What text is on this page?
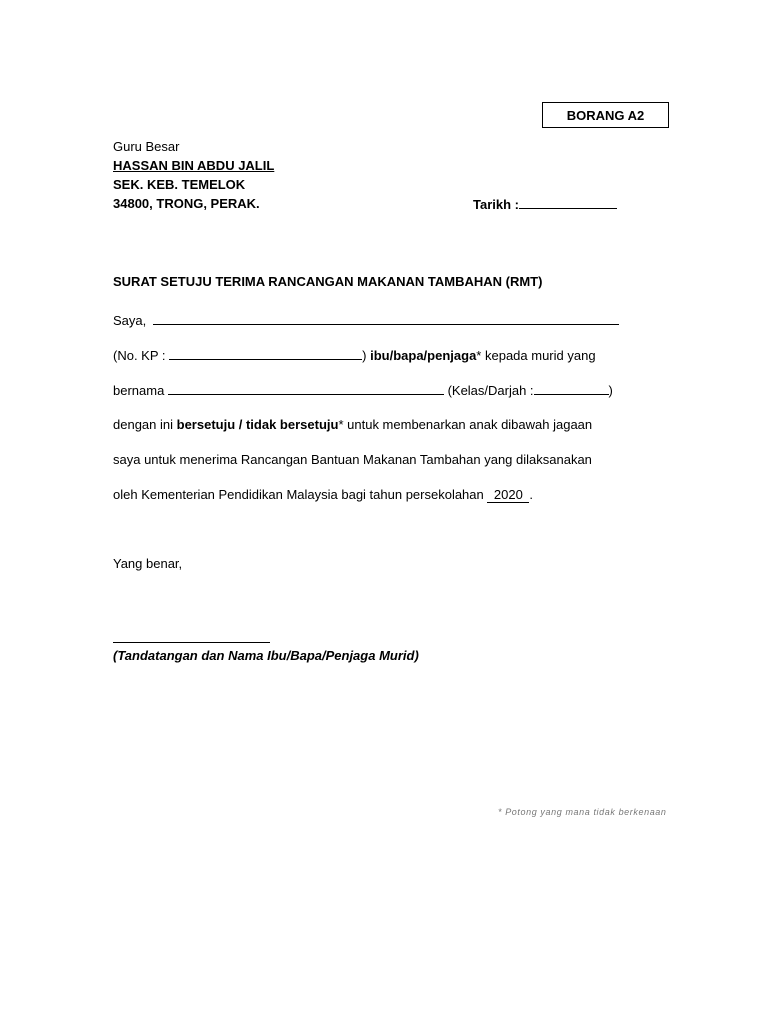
BORANG A2
Guru Besar
HASSAN BIN ABDU JALIL
SEK. KEB. TEMELOK
34800, TRONG, PERAK.	Tarikh :
SURAT SETUJU TERIMA RANCANGAN MAKANAN TAMBAHAN (RMT)
Saya,
(No. KP :	) ibu/bapa/penjaga* kepada murid yang
bernama	(Kelas/Darjah :	)
dengan ini bersetuju / tidak bersetuju* untuk membenarkan anak dibawah jagaan
saya untuk menerima Rancangan Bantuan Makanan Tambahan yang dilaksanakan
oleh Kementerian Pendidikan Malaysia bagi tahun persekolahan 2020 .
Yang benar,
(Tandatangan dan Nama Ibu/Bapa/Penjaga Murid)
* Potong yang mana tidak berkenaan
